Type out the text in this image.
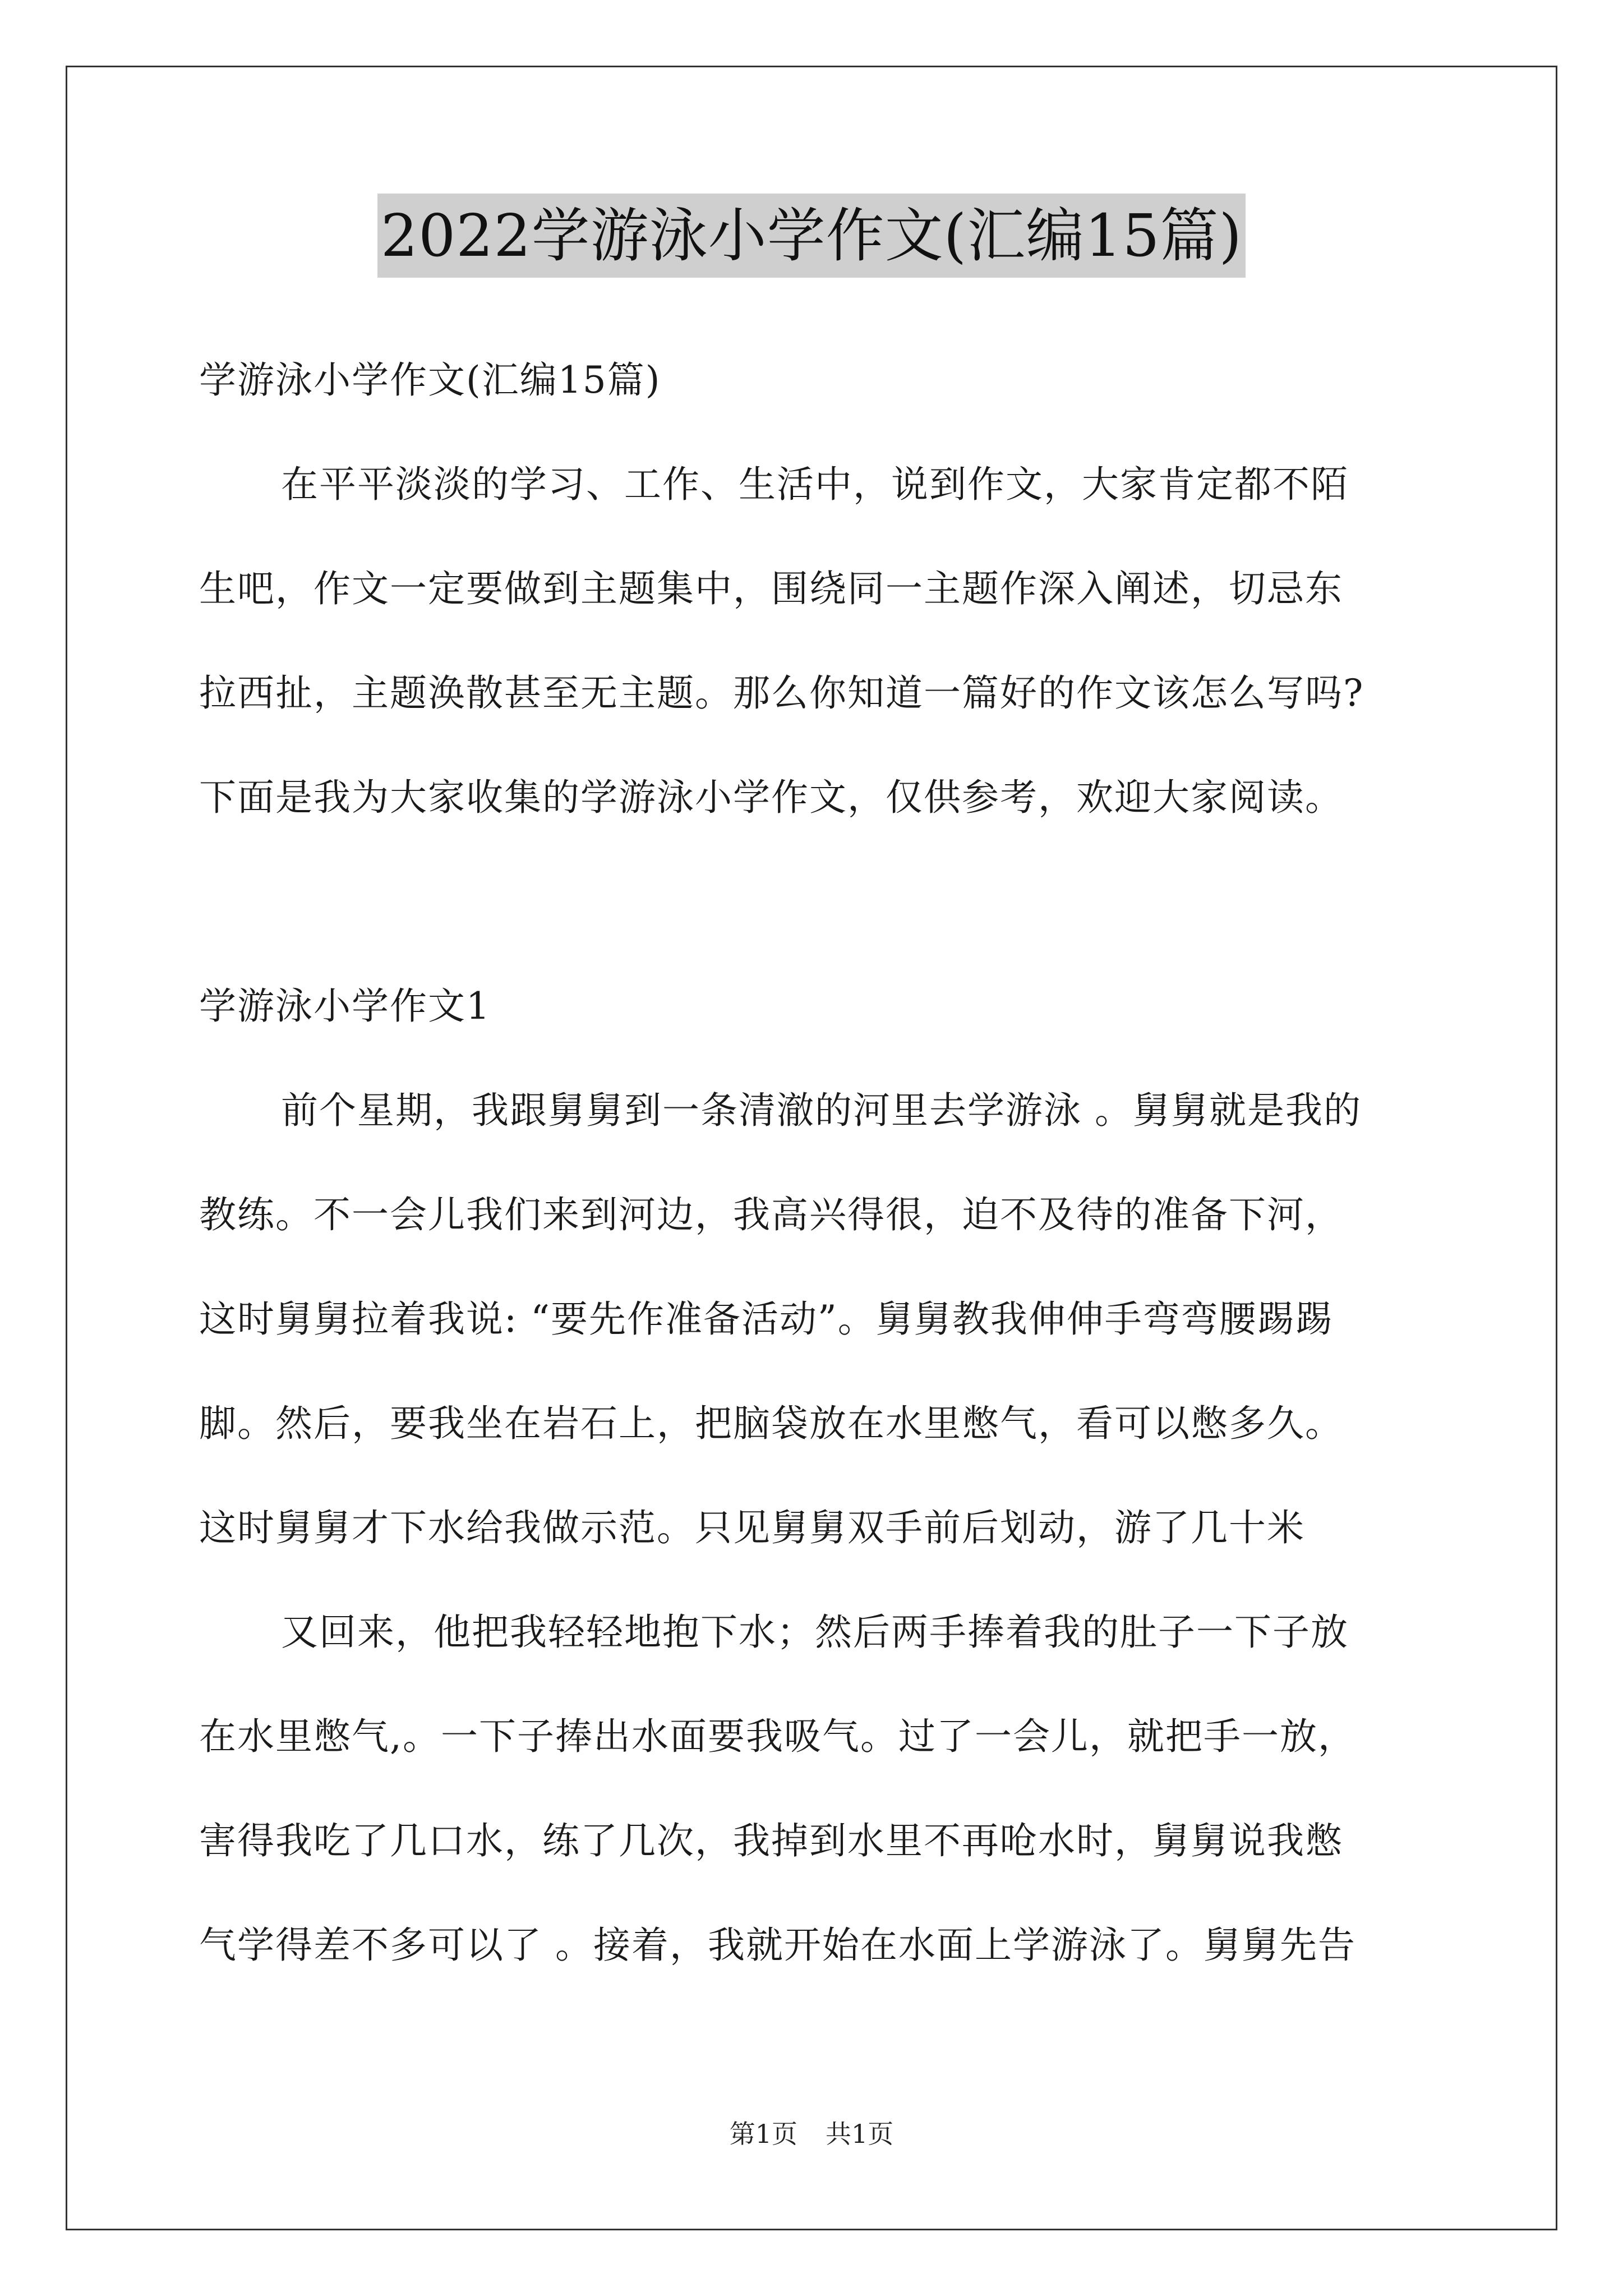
2022学游泳小学作文(汇编15篇)
学游泳小学作文(汇编15篇)
在平平淡淡的学习、工作、生活中，说到作文，大家肯定都不陌
生吧，作文一定要做到主题集中，围绕同一主题作深入阐述，切忌东
拉西扯，主题涣散甚至无主题。那么你知道一篇好的作文该怎么写吗?
下面是我为大家收集的学游泳小学作文，仅供参考，欢迎大家阅读。
学游泳小学作文1
前个星期，我跟舅舅到一条清澈的河里去学游泳 。舅舅就是我的
教练。不一会儿我们来到河边，我高兴得很，迫不及待的准备下河，
这时舅舅拉着我说: “要先作准备活动”。舅舅教我伸伸手弯弯腰踢踢
脚。然后，要我坐在岩石上，把脑袋放在水里憋气，看可以憋多久。
这时舅舅才下水给我做示范。只见舅舅双手前后划动，游了几十米
又回来，他把我轻轻地抱下水；然后两手捧着我的肚子一下子放
在水里憋气,。一下子捧出水面要我吸气。过了一会儿，就把手一放，
害得我吃了几口水，练了几次，我掉到水里不再呛水时，舅舅说我憋
气学得差不多可以了 。接着，我就开始在水面上学游泳了。舅舅先告
第1页 共1页
